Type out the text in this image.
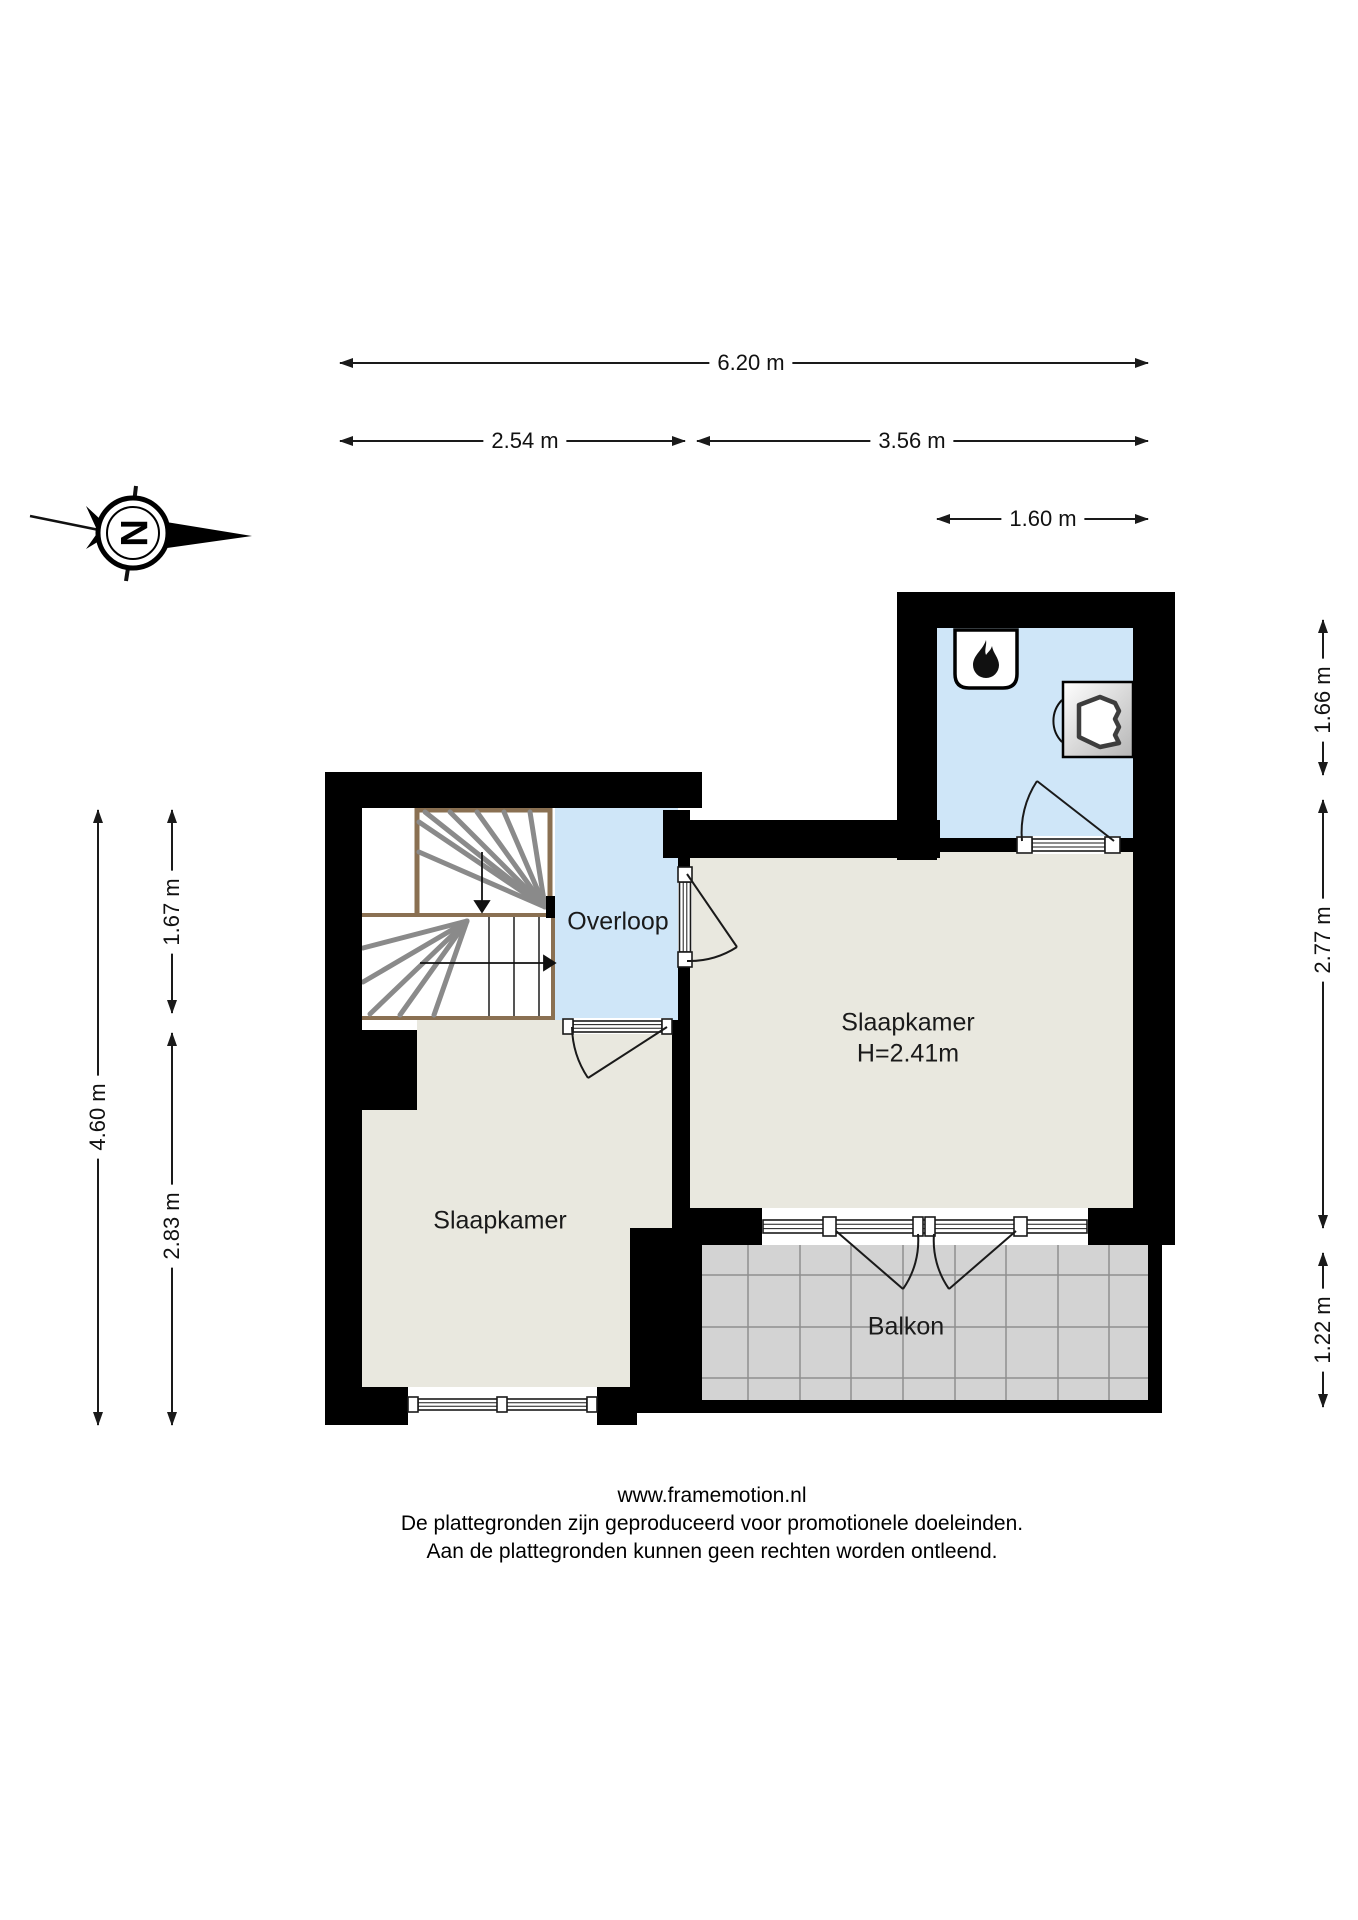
N
6.20 m
2.54 m	3.56 m
1.60 m
4.60 m
1.67 m
2.83 m
1.66 m
2.77 m
1.22 m
Overloop
Slaapkamer
H=2.41m
Slaapkamer
Balkon
www.framemotion.nl
De plattegronden zijn geproduceerd voor promotionele doeleinden.
Aan de plattegronden kunnen geen rechten worden ontleend.
